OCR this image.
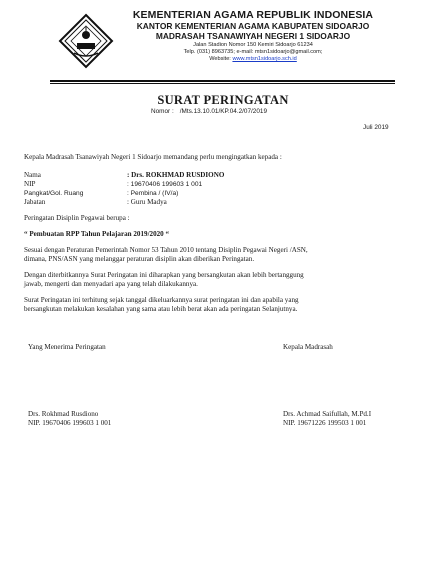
KEMENTERIAN AGAMA REPUBLIK INDONESIA
KANTOR KEMENTERIAN AGAMA KABUPATEN SIDOARJO
MADRASAH TSANAWIYAH NEGERI 1 SIDOARJO
Jalan Stadion Nomor 150 Kemiri Sidoarjo 61234
Telp. (031) 8963735; e-mail: mtsn1sidoarjo@gmail.com;
Website: www.mtsn1sidoarjo.sch.id
SURAT PERINGATAN
Nomor : /Mts.13.10.01/KP.04.2/07/2019
Juli 2019
Kepala Madrasah Tsanawiyah Negeri 1 Sidoarjo memandang perlu mengingatkan kepada :
Nama	: Drs. ROKHMAD RUSDIONO
NIP	: 19670406 199603 1 001
Pangkat/Gol. Ruang	: Pembina / (IV/a)
Jabatan	: Guru Madya
Peringatan Disiplin Pegawai berupa :
“ Pembuatan RPP Tahun Pelajaran 2019/2020 “
Sesuai dengan Peraturan Pemerintah Nomor 53 Tahun 2010 tentang Disiplin Pegawai Negeri /ASN,
dimana, PNS/ASN yang melanggar peraturan disiplin akan diberikan Peringatan.
Dengan diterbitkannya Surat Peringatan ini diharapkan yang bersangkutan akan lebih bertanggung
jawab, mengerti dan menyadari apa yang telah dilakukannya.
Surat Peringatan ini terhitung sejak tanggal dikeluarkannya surat peringatan ini dan apabila yang
bersangkutan melakukan kesalahan yang sama atau lebih berat akan ada peringatan Selanjutnya.
Yang Menerima Peringatan	Kepala Madrasah
Drs. Rokhmad Rusdiono
NIP. 19670406 199603 1 001
Drs. Achmad Saifullah, M.Pd.I
NIP. 19671226 199503 1 001
